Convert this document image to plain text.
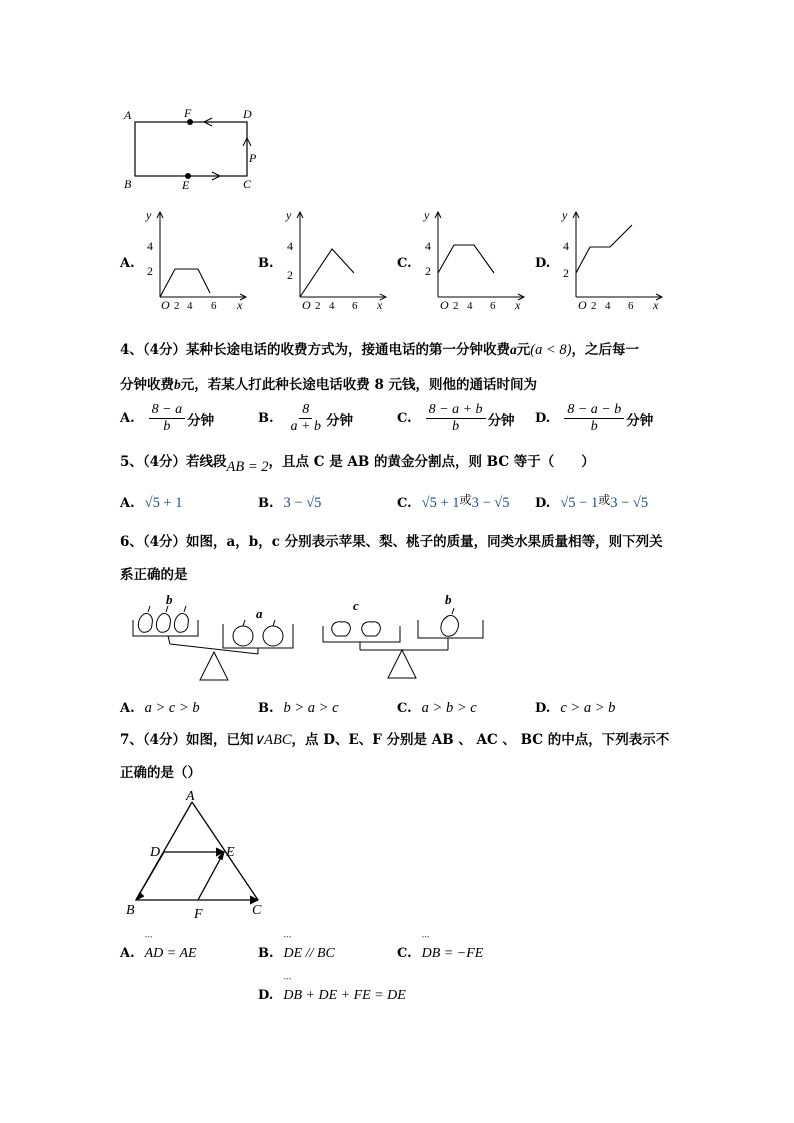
A	F	D
B	E	C
P
A.
y
4
2
O 2 4 6 x
B.
y
4
2
O 2 4 6 x
C.
y
4
2
O 2 4 6 x
D.
y
4
2
O 2 4 6 x
4、（4分）某种长途电话的收费方式为，接通电话的第一分钟收费a元(a < 8)，之后每一
分钟收费b元，若某人打此种长途电话收费 8 元钱，则他的通话时间为
A. $\frac{8 - a}{b}$ 分钟	B. $\frac{8}{a + b}$ 分钟	C. $\frac{8 - a + b}{b}$ 分钟 D. $\frac{8 - a - b}{b}$ 分钟
5、（4分）若线段AB = 2，且点 C 是 AB 的黄金分割点，则 BC 等于（　　）
A. √5 + 1	B. 3 − √5	C. √5 + 1或3 − √5 D. √5 − 1或3 − √5
6、（4分）如图，a，b，c 分别表示苹果、梨、桃子的质量，同类水果质量相等，则下列关
系正确的是
b
a
c	b
A. a > c > b	B. b > a > c	C. a > b > c	D. c > a > b
7、（4分）如图，已知∨ABC，点 D、E、F 分别是 AB 、 AC 、 BC 的中点，下列表示不
正确的是（）
A
D	E
B	F	C
A. ``` AD = AE	B. ``` DE // BC	C. ``` DB = −FE
D. ``` DB + DE + FE = DE
